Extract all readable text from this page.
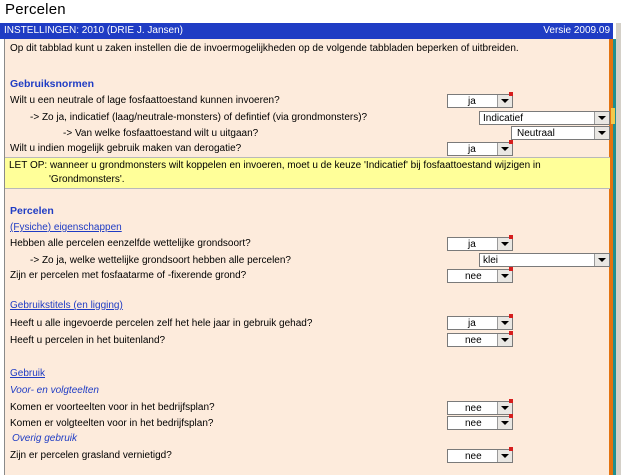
Percelen
INSTELLINGEN: 2010 (DRIE J. Jansen)	Versie 2009.09
Op dit tabblad kunt u zaken instellen die de invoermogelijkheden op de volgende tabbladen beperken of uitbreiden.
Gebruiksnormen
Wilt u een neutrale of lage fosfaattoestand kunnen invoeren?	ja
-> Zo ja, indicatief (laag/neutrale-monsters) of defintief (via grondmonsters)?	Indicatief
-> Van welke fosfaattoestand wilt u uitgaan?	Neutraal
Wilt u indien mogelijk gebruik maken van derogatie?	ja
LET OP: wanneer u grondmonsters wilt koppelen en invoeren, moet u de keuze 'Indicatief' bij fosfaattoestand wijzigen in
'Grondmonsters'.
Percelen
(Fysiche) eigenschappen
Hebben alle percelen eenzelfde wettelijke grondsoort?	ja
-> Zo ja, welke wettelijke grondsoort hebben alle percelen?	klei
Zijn er percelen met fosfaatarme of -fixerende grond?	nee
Gebruikstitels (en ligging)
Heeft u alle ingevoerde percelen zelf het hele jaar in gebruik gehad?	ja
Heeft u percelen in het buitenland?	nee
Gebruik
Voor- en volgteelten
Komen er voorteelten voor in het bedrijfsplan?	nee
Komen er volgteelten voor in het bedrijfsplan?	nee
Overig gebruik
Zijn er percelen grasland vernietigd?	nee
